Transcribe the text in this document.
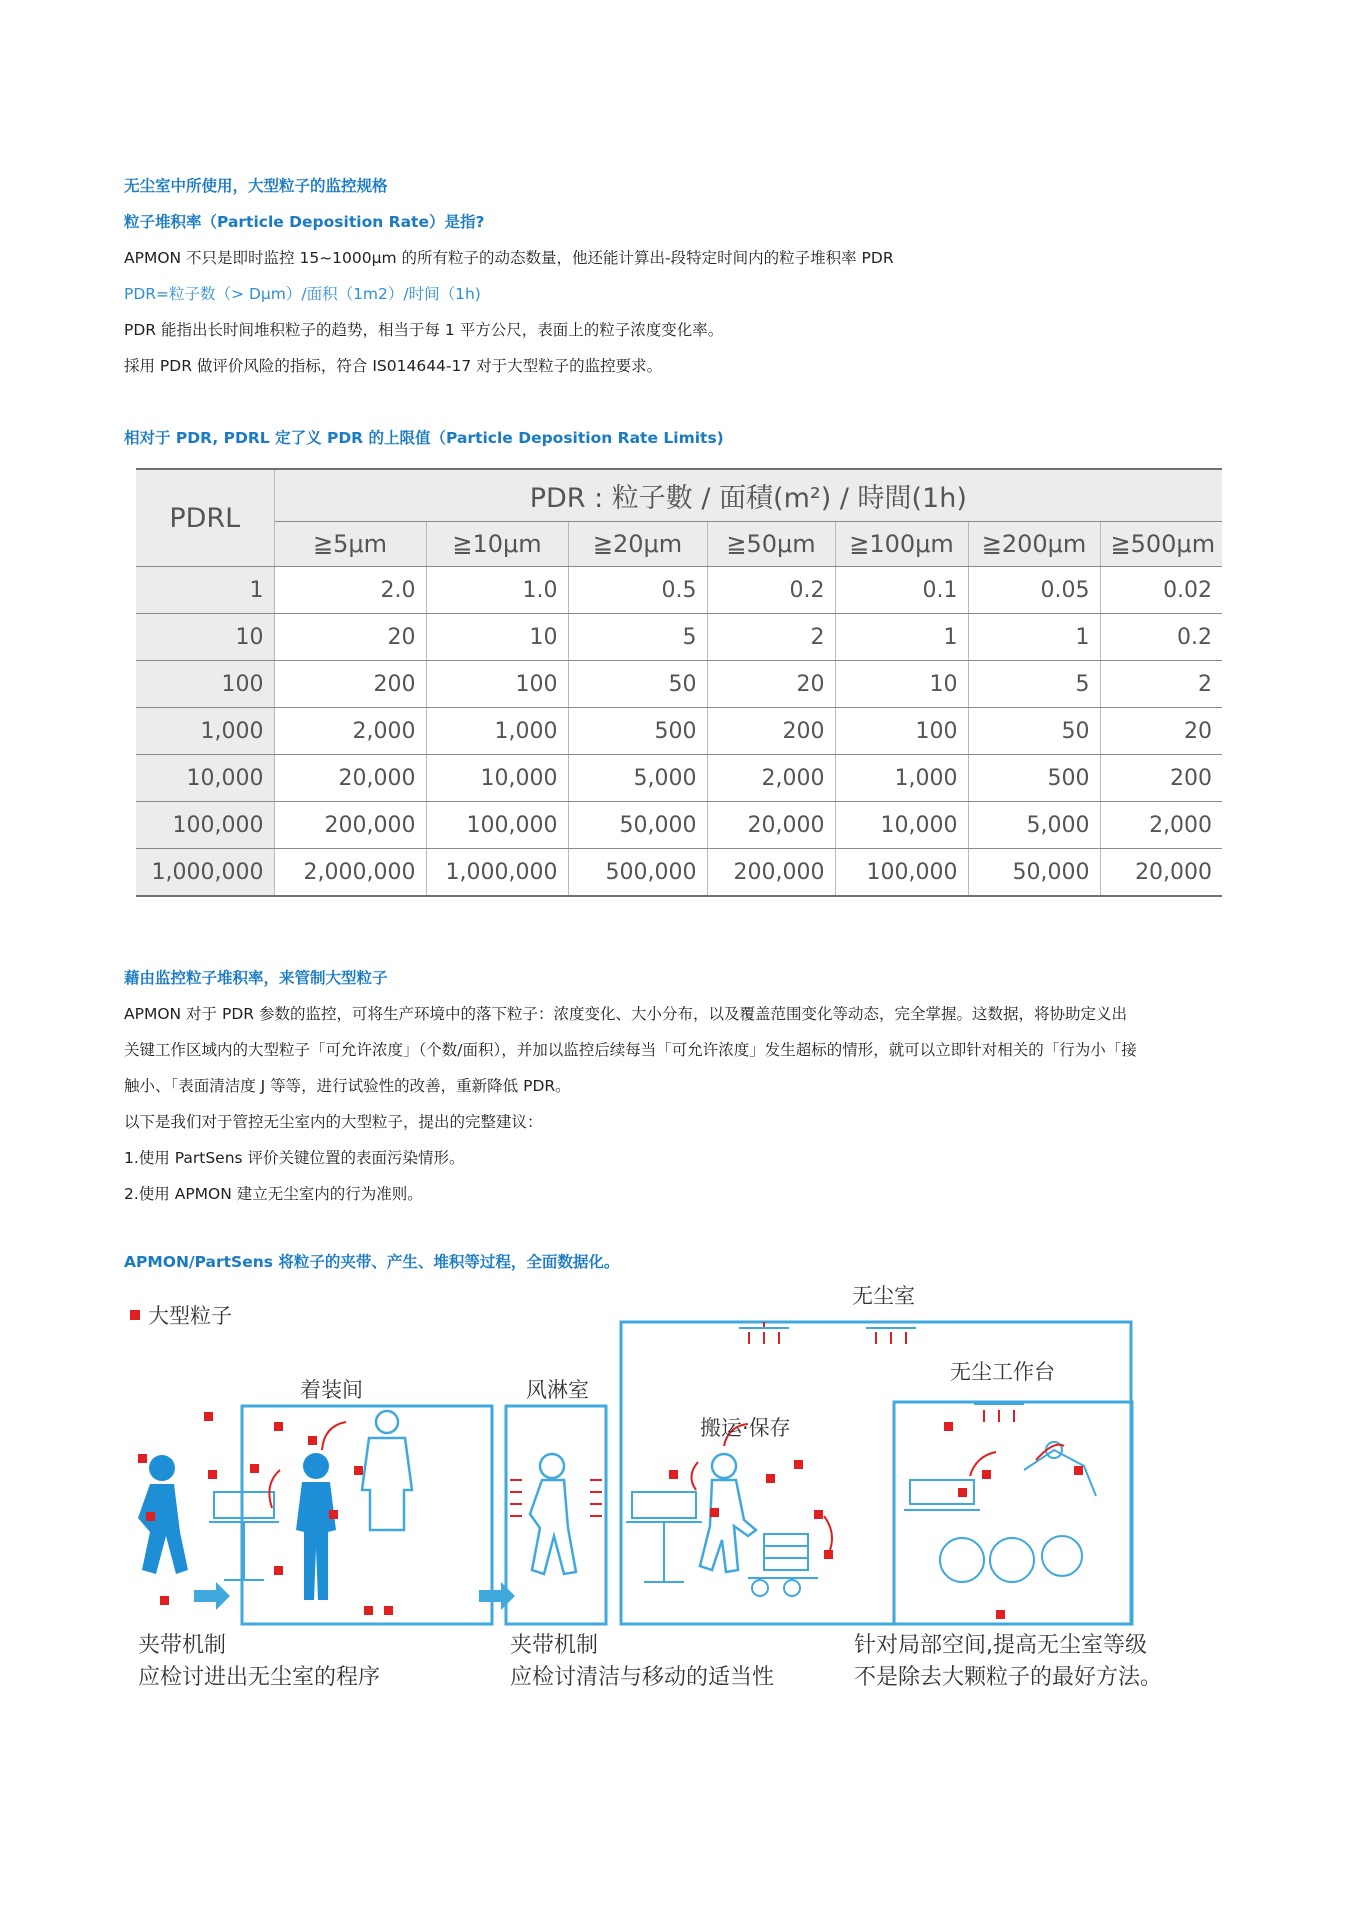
无尘室中所使用，大型粒子的监控规格
粒子堆积率（Particle Deposition Rate）是指?
APMON 不只是即时监控 15~1000μm 的所有粒子的动态数量，他还能计算出-段特定时间内的粒子堆积率 PDR
PDR=粒子数（> Dμm）/面积（1m2）/时间（1h)
PDR 能指出长时间堆积粒子的趋势，相当于每 1 平方公尺，表面上的粒子浓度变化率。
採用 PDR 做评价风险的指标，符合 IS014644-17 对于大型粒子的监控要求。
相对于 PDR, PDRL 定了义 PDR 的上限值（Particle Deposition Rate Limits)
PDRL	PDR : 粒子數 / 面積(m²) / 時間(1h)						
	≧5μm	≧10μm	≧20μm	≧50μm	≧100μm	≧200μm	≧500μm
1	2.0	1.0	0.5	0.2	0.1	0.05	0.02
10	20	10	5	2	1	1	0.2
100	200	100	50	20	10	5	2
1,000	2,000	1,000	500	200	100	50	20
10,000	20,000	10,000	5,000	2,000	1,000	500	200
100,000	200,000	100,000	50,000	20,000	10,000	5,000	2,000
1,000,000	2,000,000	1,000,000	500,000	200,000	100,000	50,000	20,000
藉由监控粒子堆积率，来管制大型粒子
APMON 对于 PDR 参数的监控，可将生产环境中的落下粒子：浓度变化、大小分布，以及覆盖范围变化等动态，完全掌握。这数据，将协助定义出
关键工作区域内的大型粒子「可允许浓度」（个数/面积），并加以监控后续每当「可允许浓度」发生超标的情形，就可以立即针对相关的「行为小「接
触小、「表面清洁度 J 等等，进行试验性的改善，重新降低 PDR。
以下是我们对于管控无尘室内的大型粒子，提出的完整建议：
1.使用 PartSens 评价关键位置的表面污染情形。
2.使用 APMON 建立无尘室内的行为准则。
APMON/PartSens 将粒子的夹带、产生、堆积等过程，全面数据化。
大型粒子
无尘室
无尘工作台
着装间	风淋室
搬运·保存
夹带机制
应检讨进出无尘室的程序
夹带机制
应检讨清洁与移动的适当性
针对局部空间,提高无尘室等级
不是除去大颗粒子的最好方法。
